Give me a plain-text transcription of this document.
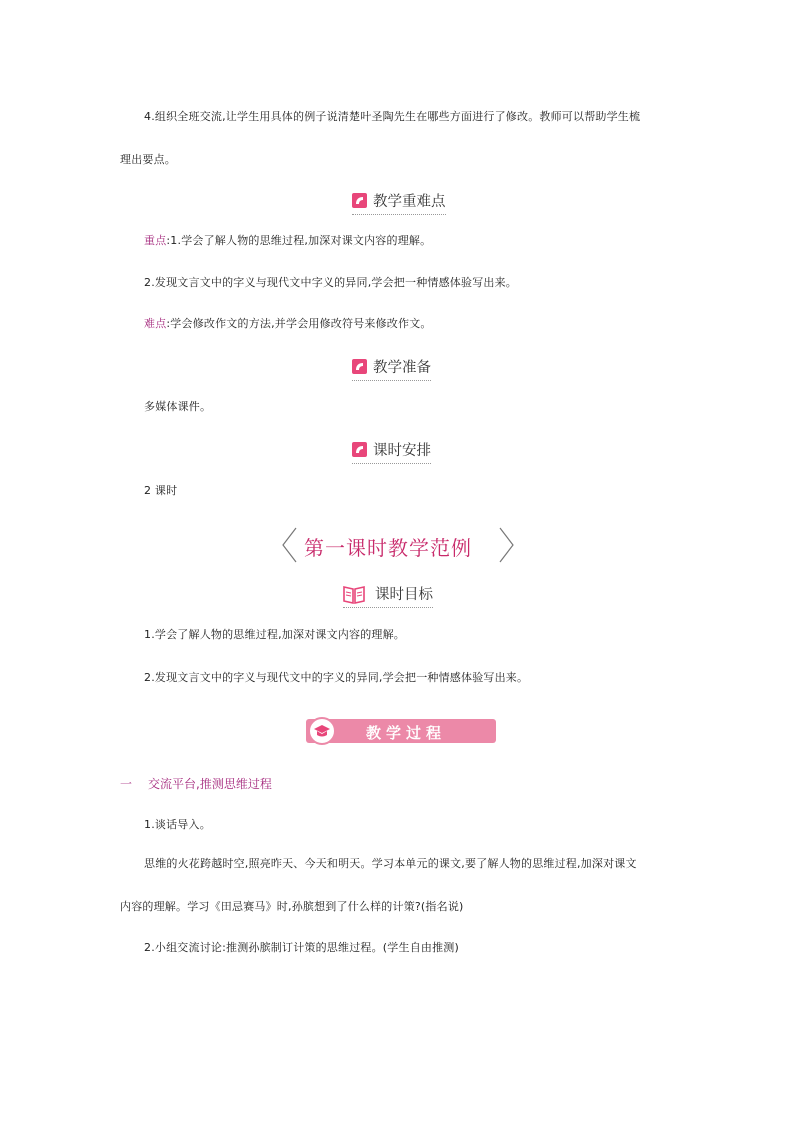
4.组织全班交流,让学生用具体的例子说清楚叶圣陶先生在哪些方面进行了修改。教师可以帮助学生梳
理出要点。
教学重难点
重点:1.学会了解人物的思维过程,加深对课文内容的理解。
2.发现文言文中的字义与现代文中字义的异同,学会把一种情感体验写出来。
难点:学会修改作文的方法,并学会用修改符号来修改作文。
教学准备
多媒体课件。
课时安排
2 课时
第一课时教学范例
课时目标
1.学会了解人物的思维过程,加深对课文内容的理解。
2.发现文言文中的字义与现代文中的字义的异同,学会把一种情感体验写出来。
教学过程
一 交流平台,推测思维过程
1.谈话导入。
思维的火花跨越时空,照亮昨天、今天和明天。学习本单元的课文,要了解人物的思维过程,加深对课文
内容的理解。学习《田忌赛马》时,孙膑想到了什么样的计策?(指名说)
2.小组交流讨论:推测孙膑制订计策的思维过程。(学生自由推测)
